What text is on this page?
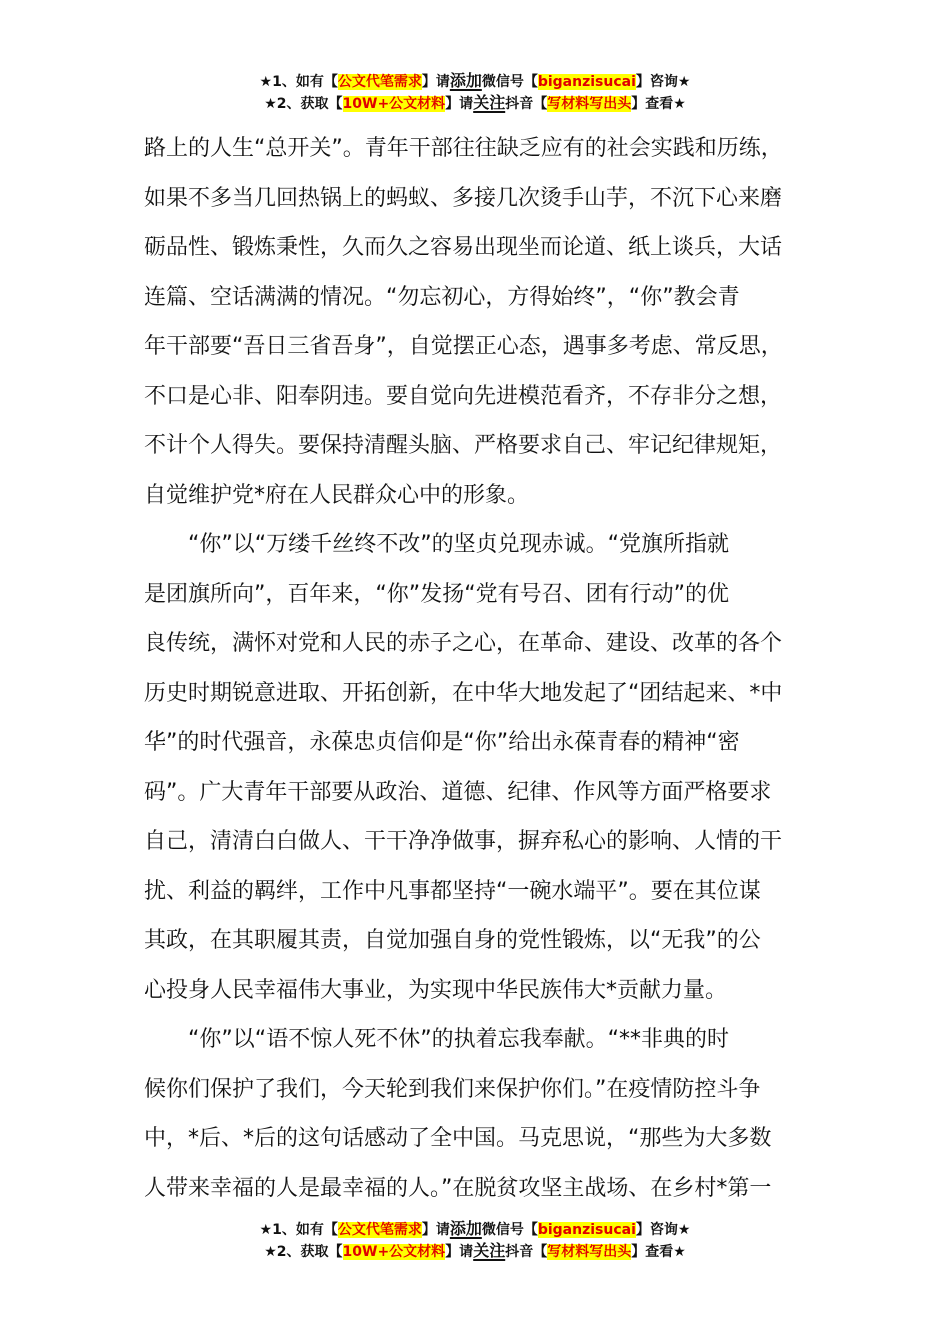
★1、如有【公文代笔需求】请添加微信号【biganzisucai】咨询★
★2、获取【10W+公文材料】请关注抖音【写材料写出头】查看★
路上的人生“总开关”。青年干部往往缺乏应有的社会实践和历练，
如果不多当几回热锅上的蚂蚁、多接几次烫手山芋，不沉下心来磨
砺品性、锻炼秉性，久而久之容易出现坐而论道、纸上谈兵，大话
连篇、空话满满的情况。“勿忘初心，方得始终”，“你”教会青
年干部要“吾日三省吾身”，自觉摆正心态，遇事多考虑、常反思，
不口是心非、阳奉阴违。要自觉向先进模范看齐，不存非分之想，
不计个人得失。要保持清醒头脑、严格要求自己、牢记纪律规矩，
自觉维护党*府在人民群众心中的形象。
“你”以“万缕千丝终不改”的坚贞兑现赤诚。“党旗所指就
是团旗所向”，百年来，“你”发扬“党有号召、团有行动”的优
良传统，满怀对党和人民的赤子之心，在革命、建设、改革的各个
历史时期锐意进取、开拓创新，在中华大地发起了“团结起来、*中
华”的时代强音，永葆忠贞信仰是“你”给出永葆青春的精神“密
码”。广大青年干部要从政治、道德、纪律、作风等方面严格要求
自己，清清白白做人、干干净净做事，摒弃私心的影响、人情的干
扰、利益的羁绊，工作中凡事都坚持“一碗水端平”。要在其位谋
其政，在其职履其责，自觉加强自身的党性锻炼，以“无我”的公
心投身人民幸福伟大事业，为实现中华民族伟大*贡献力量。
“你”以“语不惊人死不休”的执着忘我奉献。“**非典的时
候你们保护了我们，今天轮到我们来保护你们。”在疫情防控斗争
中，*后、*后的这句话感动了全中国。马克思说，“那些为大多数
人带来幸福的人是最幸福的人。”在脱贫攻坚主战场、在乡村*第一
★1、如有【公文代笔需求】请添加微信号【biganzisucai】咨询★
★2、获取【10W+公文材料】请关注抖音【写材料写出头】查看★
